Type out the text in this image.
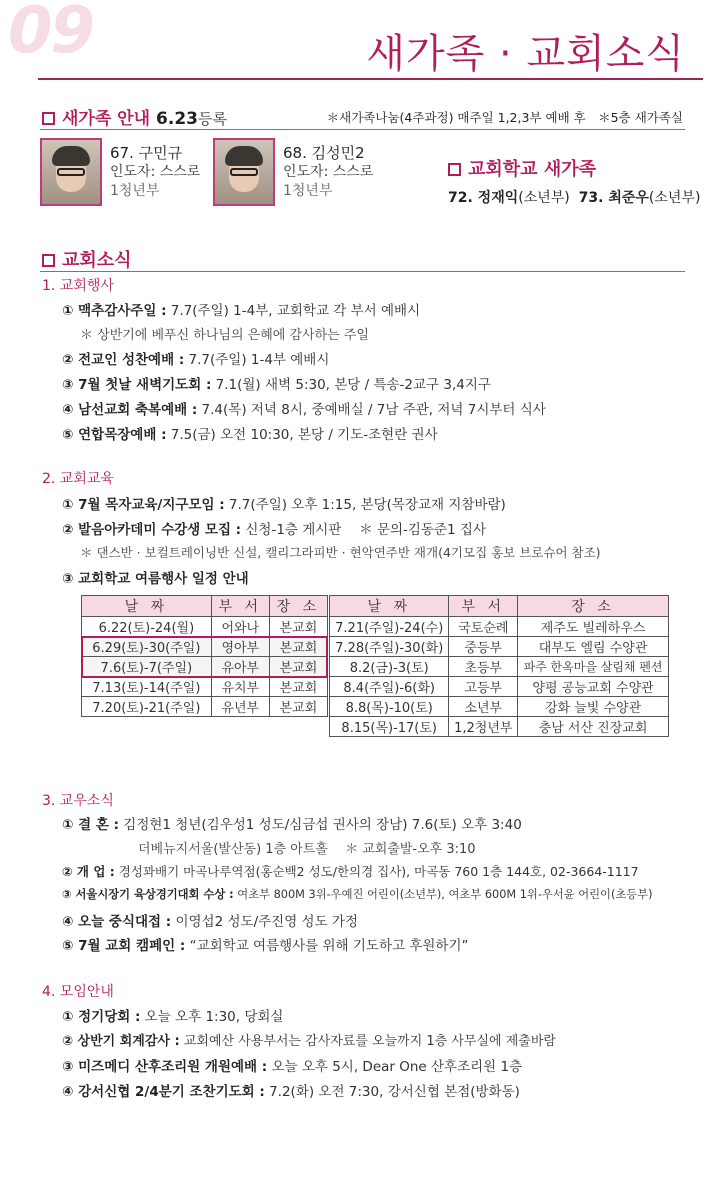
09	새가족 · 교회소식
새가족 안내 6.23등록	＊새가족나눔(4주과정) 매주일 1,2,3부 예배 후　＊5층 새가족실
67. 구민규
인도자: 스스로
1청년부
68. 김성민2
인도자: 스스로
1청년부
교회학교 새가족
72. 정재익(소년부) 73. 최준우(소년부)
교회소식
1. 교회행사
① 맥추감사주일 : 7.7(주일) 1-4부, 교회학교 각 부서 예배시
＊ 상반기에 베푸신 하나님의 은혜에 감사하는 주일
② 전교인 성찬예배 : 7.7(주일) 1-4부 예배시
③ 7월 첫날 새벽기도회 : 7.1(월) 새벽 5:30, 본당 / 특송-2교구 3,4지구
④ 남선교회 축복예배 : 7.4(목) 저녁 8시, 중예배실 / 7남 주관, 저녁 7시부터 식사
⑤ 연합목장예배 : 7.5(금) 오전 10:30, 본당 / 기도-조현란 권사
2. 교회교육
① 7월 목자교육/지구모임 : 7.7(주일) 오후 1:15, 본당(목장교재 지참바람)
② 발음아카데미 수강생 모집 : 신청-1층 게시판　 ＊ 문의-김동준1 집사
＊ 댄스반 · 보컬트레이닝반 신설, 캘리그라피반 · 현악연주반 재개(4기모집 홍보 브로슈어 참조)
③ 교회학교 여름행사 일정 안내
날 짜	부 서	장 소
6.22(토)-24(월)	어와나	본교회
6.29(토)-30(주일)	영아부	본교회
7.6(토)-7(주일)	유아부	본교회
7.13(토)-14(주일)	유치부	본교회
7.20(토)-21(주일)	유년부	본교회
날 짜	부 서	장 소
7.21(주일)-24(수)	국토순례	제주도 빌레하우스
7.28(주일)-30(화)	중등부	대부도 엘림 수양관
8.2(금)-3(토)	초등부	파주 한옥마을 살림채 펜션
8.4(주일)-6(화)	고등부	양평 공능교회 수양관
8.8(목)-10(토)	소년부	강화 늘빛 수양관
8.15(목)-17(토)	1,2청년부	충남 서산 진장교회
3. 교우소식
① 결 혼 : 김정현1 청년(김우성1 성도/심금섭 권사의 장남) 7.6(토) 오후 3:40
더베뉴지서울(발산동) 1층 아트홀　 ＊ 교회출발-오후 3:10
② 개 업 : 경성꽈배기 마곡나루역점(홍순백2 성도/한의경 집사), 마곡동 760 1층 144호, 02-3664-1117
③ 서울시장기 육상경기대회 수상 : 여초부 800M 3위-우예진 어린이(소년부), 여초부 600M 1위-우서윤 어린이(초등부)
④ 오늘 중식대접 : 이영섭2 성도/주진영 성도 가정
⑤ 7월 교회 캠페인 : “교회학교 여름행사를 위해 기도하고 후원하기”
4. 모임안내
① 정기당회 : 오늘 오후 1:30, 당회실
② 상반기 회계감사 : 교회예산 사용부서는 감사자료를 오늘까지 1층 사무실에 제출바람
③ 미즈메디 산후조리원 개원예배 : 오늘 오후 5시, Dear One 산후조리원 1층
④ 강서신협 2/4분기 조찬기도회 : 7.2(화) 오전 7:30, 강서신협 본점(방화동)
